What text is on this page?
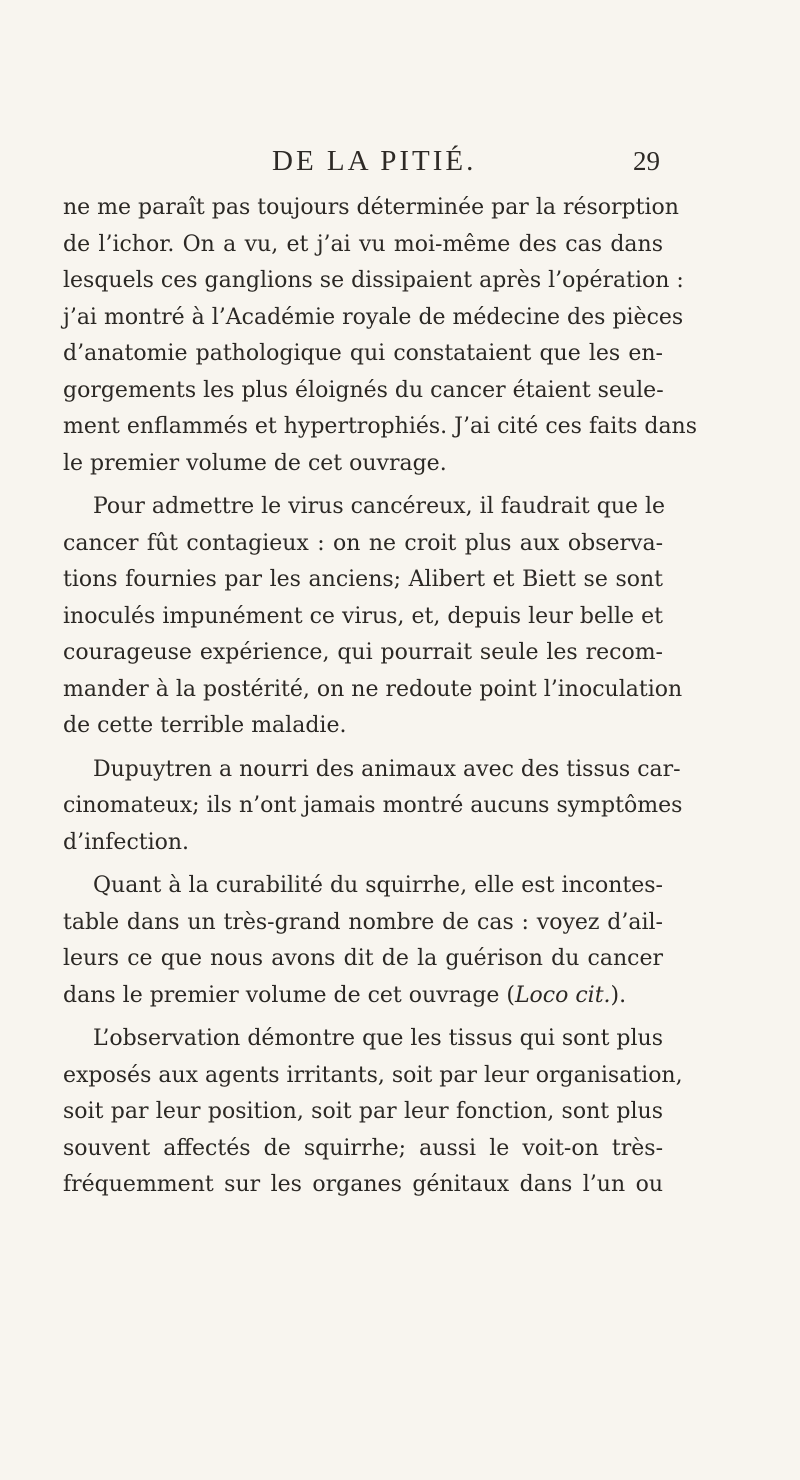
DE LA PITIÉ.	29
ne me paraît pas toujours déterminée par la résorption
de l’ichor. On a vu, et j’ai vu moi-même des cas dans
lesquels ces ganglions se dissipaient après l’opération :
j’ai montré à l’Académie royale de médecine des pièces
d’anatomie pathologique qui constataient que les en-
gorgements les plus éloignés du cancer étaient seule-
ment enflammés et hypertrophiés. J’ai cité ces faits dans
le premier volume de cet ouvrage.
Pour admettre le virus cancéreux, il faudrait que le
cancer fût contagieux : on ne croit plus aux observa-
tions fournies par les anciens; Alibert et Biett se sont
inoculés impunément ce virus, et, depuis leur belle et
courageuse expérience, qui pourrait seule les recom-
mander à la postérité, on ne redoute point l’inoculation
de cette terrible maladie.
Dupuytren a nourri des animaux avec des tissus car-
cinomateux; ils n’ont jamais montré aucuns symptômes
d’infection.
Quant à la curabilité du squirrhe, elle est incontes-
table dans un très-grand nombre de cas : voyez d’ail-
leurs ce que nous avons dit de la guérison du cancer
dans le premier volume de cet ouvrage (Loco cit.).
L’observation démontre que les tissus qui sont plus
exposés aux agents irritants, soit par leur organisation,
soit par leur position, soit par leur fonction, sont plus
souvent affectés de squirrhe; aussi le voit-on très-
fréquemment sur les organes génitaux dans l’un ou
